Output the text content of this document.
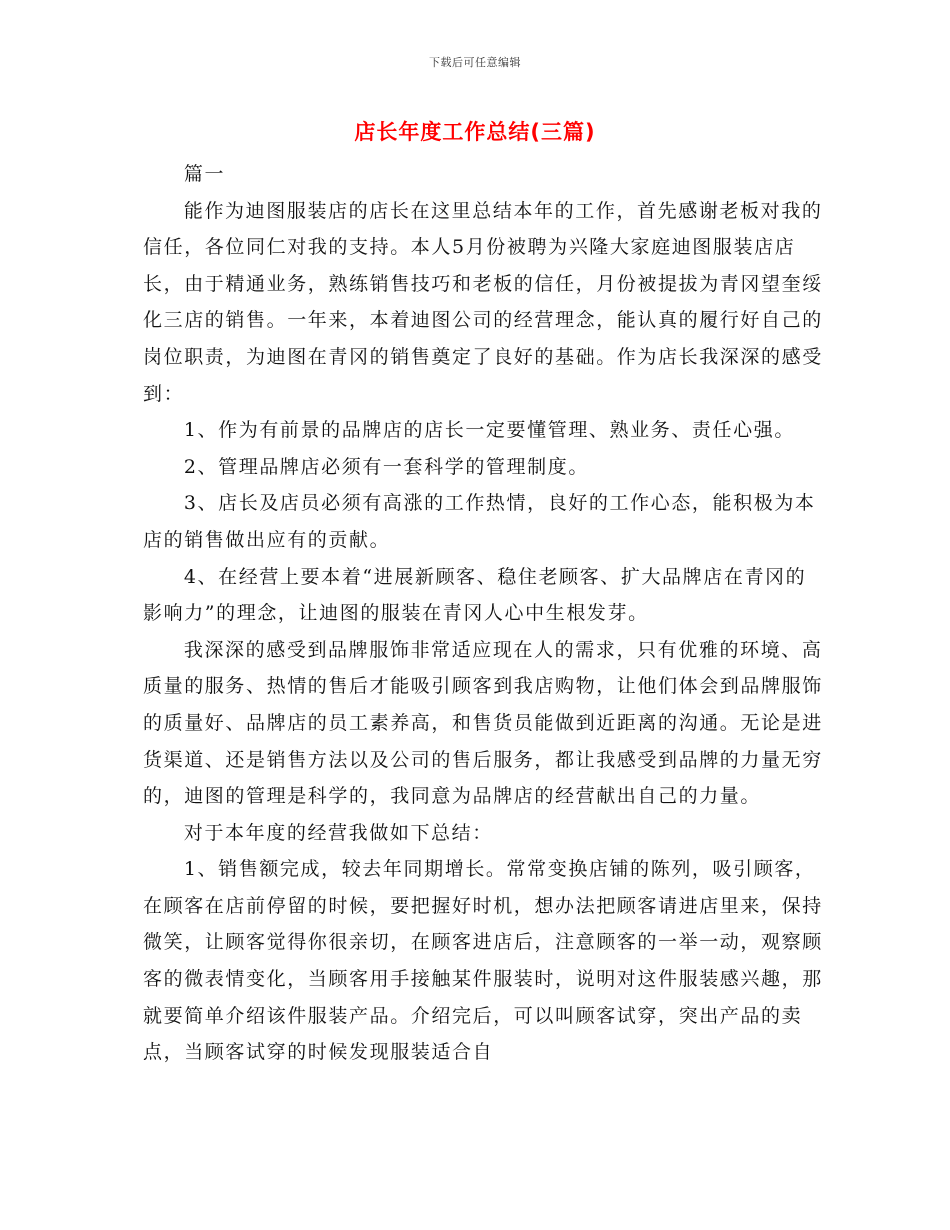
下载后可任意编辑
店长年度工作总结(三篇)

篇一

能作为迪图服装店的店长在这里总结本年的工作，首先感谢老板对我的信任，各位同仁对我的支持。本人5月份被聘为兴隆大家庭迪图服装店店长，由于精通业务，熟练销售技巧和老板的信任，月份被提拔为青冈望奎绥化三店的销售。一年来，本着迪图公司的经营理念，能认真的履行好自己的岗位职责，为迪图在青冈的销售奠定了良好的基础。作为店长我深深的感受到：

1、作为有前景的品牌店的店长一定要懂管理、熟业务、责任心强。

2、管理品牌店必须有一套科学的管理制度。

3、店长及店员必须有高涨的工作热情，良好的工作心态，能积极为本店的销售做出应有的贡献。

4、在经营上要本着“进展新顾客、稳住老顾客、扩大品牌店在青冈的影响力”的理念，让迪图的服装在青冈人心中生根发芽。

我深深的感受到品牌服饰非常适应现在人的需求，只有优雅的环境、高质量的服务、热情的售后才能吸引顾客到我店购物，让他们体会到品牌服饰的质量好、品牌店的员工素养高，和售货员能做到近距离的沟通。无论是进货渠道、还是销售方法以及公司的售后服务，都让我感受到品牌的力量无穷的，迪图的管理是科学的，我同意为品牌店的经营献出自己的力量。

对于本年度的经营我做如下总结：

1、销售额完成，较去年同期增长。常常变换店铺的陈列，吸引顾客，在顾客在店前停留的时候，要把握好时机，想办法把顾客请进店里来，保持微笑，让顾客觉得你很亲切，在顾客进店后，注意顾客的一举一动，观察顾客的微表情变化，当顾客用手接触某件服装时，说明对这件服装感兴趣，那就要简单介绍该件服装产品。介绍完后，可以叫顾客试穿，突出产品的卖点，当顾客试穿的时候发现服装适合自
